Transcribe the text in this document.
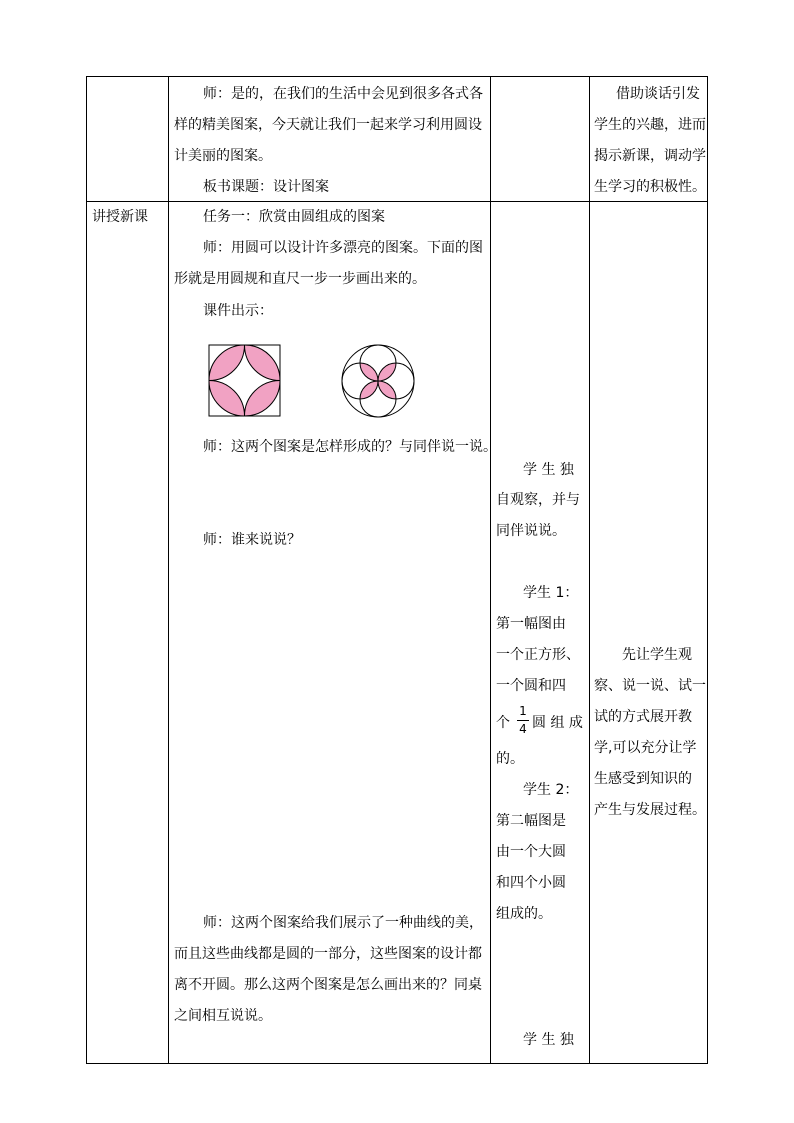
师：是的，在我们的生活中会见到很多各式各
样的精美图案，今天就让我们一起来学习利用圆设
计美丽的图案。
板书课题：设计图案
借助谈话引发
学生的兴趣，进而
揭示新课，调动学
生学习的积极性。
讲授新课	任务一：欣赏由圆组成的图案
师：用圆可以设计许多漂亮的图案。下面的图
形就是用圆规和直尺一步一步画出来的。
课件出示：
师：这两个图案是怎样形成的？与同伴说一说。
师：谁来说说？
师：这两个图案给我们展示了一种曲线的美，
而且这些曲线都是圆的一部分，这些图案的设计都
离不开圆。那么这两个图案是怎么画出来的？同桌
之间相互说说。
学 生 独
自观察，并与
同伴说说。
学生 1：
第一幅图由
一个正方形、
一个圆和四
个
1
4 圆 组 成
的。
学生 2：
第二幅图是
由一个大圆
和四个小圆
组成的。
学 生 独
先让学生观
察、说一说、试一
试的方式展开教
学,可以充分让学
生感受到知识的
产生与发展过程。
